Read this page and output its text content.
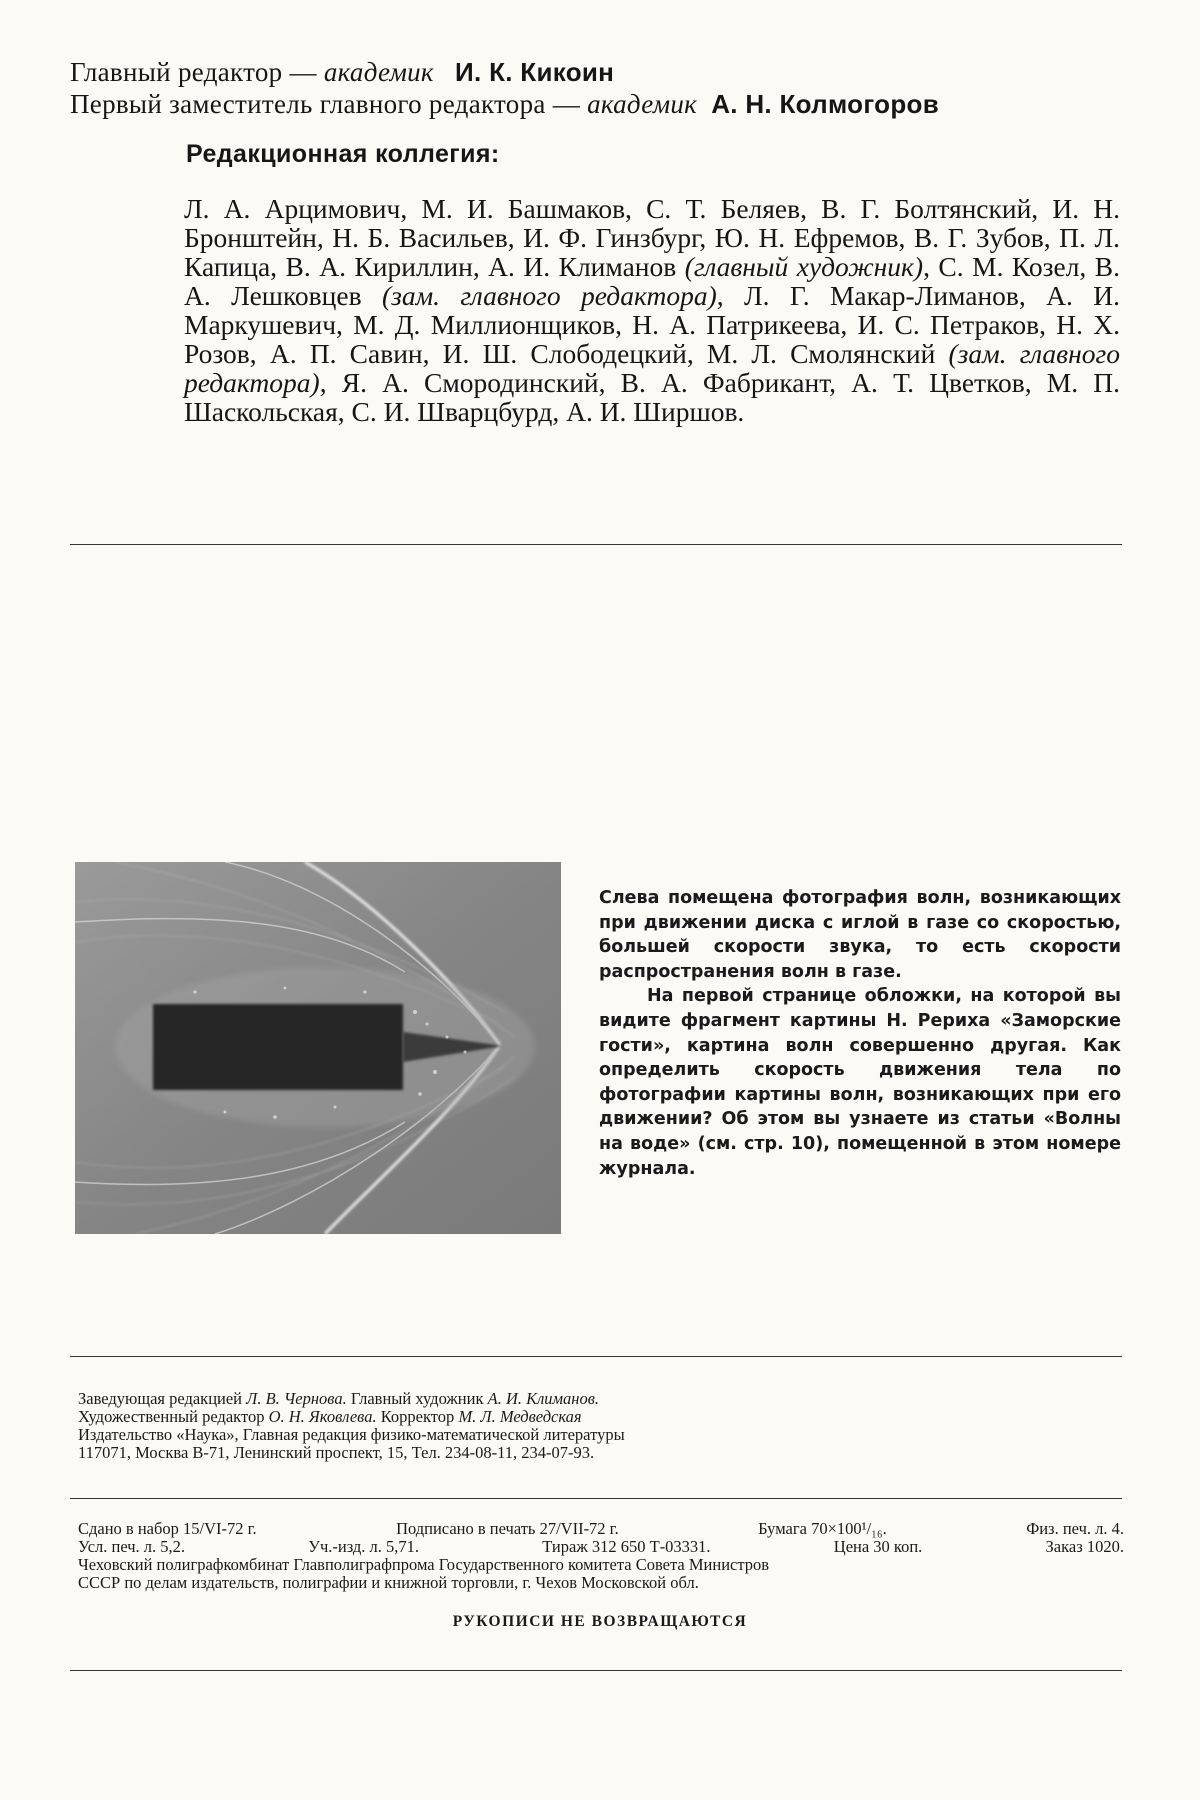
Главный редактор — академик И. К. Кикоин
Первый заместитель главного редактора — академик А. Н. Колмогоров
Редакционная коллегия:
Л. А. Арцимович, М. И. Башмаков, С. Т. Беляев, В. Г. Болтянский, И. Н. Бронштейн, Н. Б. Васильев, И. Ф. Гинзбург, Ю. Н. Ефремов, В. Г. Зубов, П. Л. Капица, В. А. Кириллин, А. И. Климанов (главный художник), С. М. Козел, В. А. Лешковцев (зам. главного редактора), Л. Г. Макар-Лиманов, А. И. Маркушевич, М. Д. Миллионщиков, Н. А. Патрикеева, И. С. Петраков, Н. Х. Розов, А. П. Савин, И. Ш. Слободецкий, М. Л. Смолянский (зам. главного редактора), Я. А. Смородинский, В. А. Фабрикант, А. Т. Цветков, М. П. Шаскольская, С. И. Шварцбурд, А. И. Ширшов.

Слева помещена фотография волн, возникающих при движении диска с иглой в газе со скоростью, большей скорости звука, то есть скорости распространения волн в газе.

На первой странице обложки, на которой вы видите фрагмент картины Н. Рериха «Заморские гости», картина волн совершенно другая. Как определить скорость движения тела по фотографии картины волн, возникающих при его движении? Об этом вы узнаете из статьи «Волны на воде» (см. стр. 10), помещенной в этом номере журнала.

Заведующая редакцией Л. В. Чернова. Главный художник А. И. Климанов.
Художественный редактор О. Н. Яковлева. Корректор М. Л. Медведская
Издательство «Наука», Главная редакция физико-математической литературы
117071, Москва В-71, Ленинский проспект, 15, Тел. 234-08-11, 234-07-93.
Сдано в набор 15/VI-72 г.	Подписано в печать 27/VII-72 г.	Бумага 70×100¹/₁₆.	Физ. печ. л. 4.
Усл. печ. л. 5,2.	Уч.-изд. л. 5,71.	Тираж 312 650 Т-03331.	Цена 30 коп.	Заказ 1020.
Чеховский полиграфкомбинат Главполиграфпрома Государственного комитета Совета Министров
СССР по делам издательств, полиграфии и книжной торговли, г. Чехов Московской обл.
РУКОПИСИ НЕ ВОЗВРАЩАЮТСЯ
